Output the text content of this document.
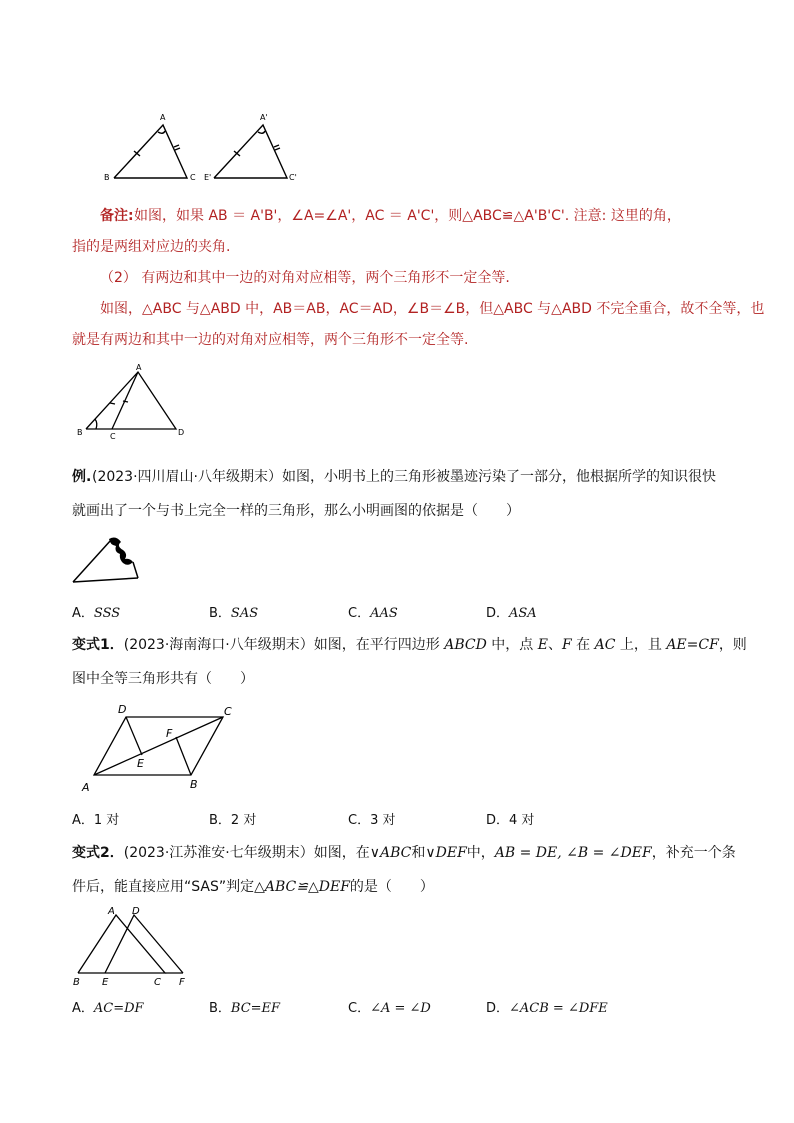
A
B	C
A'
E'	C'
备注: 如图，如果 AB ＝ A'B'，∠A=∠A'，AC ＝ A'C'，则△ABC≌△A'B'C'. 注意: 这里的角，
指的是两组对应边的夹角.
（2） 有两边和其中一边的对角对应相等，两个三角形不一定全等.
如图，△ABC 与△ABD 中，AB＝AB，AC＝AD，∠B＝∠B，但△ABC 与△ABD 不完全重合，故不全等，也
就是有两边和其中一边的对角对应相等，两个三角形不一定全等.
A
B	C	D
例. (2023·四川眉山·八年级期末）如图，小明书上的三角形被墨迹污染了一部分，他根据所学的知识很快
就画出了一个与书上完全一样的三角形，那么小明画图的依据是（　　）
A．SSS	B．SAS	C．AAS	D．ASA
变式1．(2023·海南海口·八年级期末）如图，在平行四边形 ABCD 中，点 E、F 在 AC 上，且 AE=CF，则
图中全等三角形共有（　　）
D	C
F
E
A	B
A．1 对	B．2 对	C．3 对	D．4 对
变式2．(2023·江苏淮安·七年级期末）如图，在∨ABC和∨DEF中，AB = DE, ∠B = ∠DEF，补充一个条
件后，能直接应用“SAS”判定△ABC≌△DEF的是（　　）
A D
B E	C F
A．AC=DF	B．BC=EF	C．∠A = ∠D	D．∠ACB = ∠DFE
